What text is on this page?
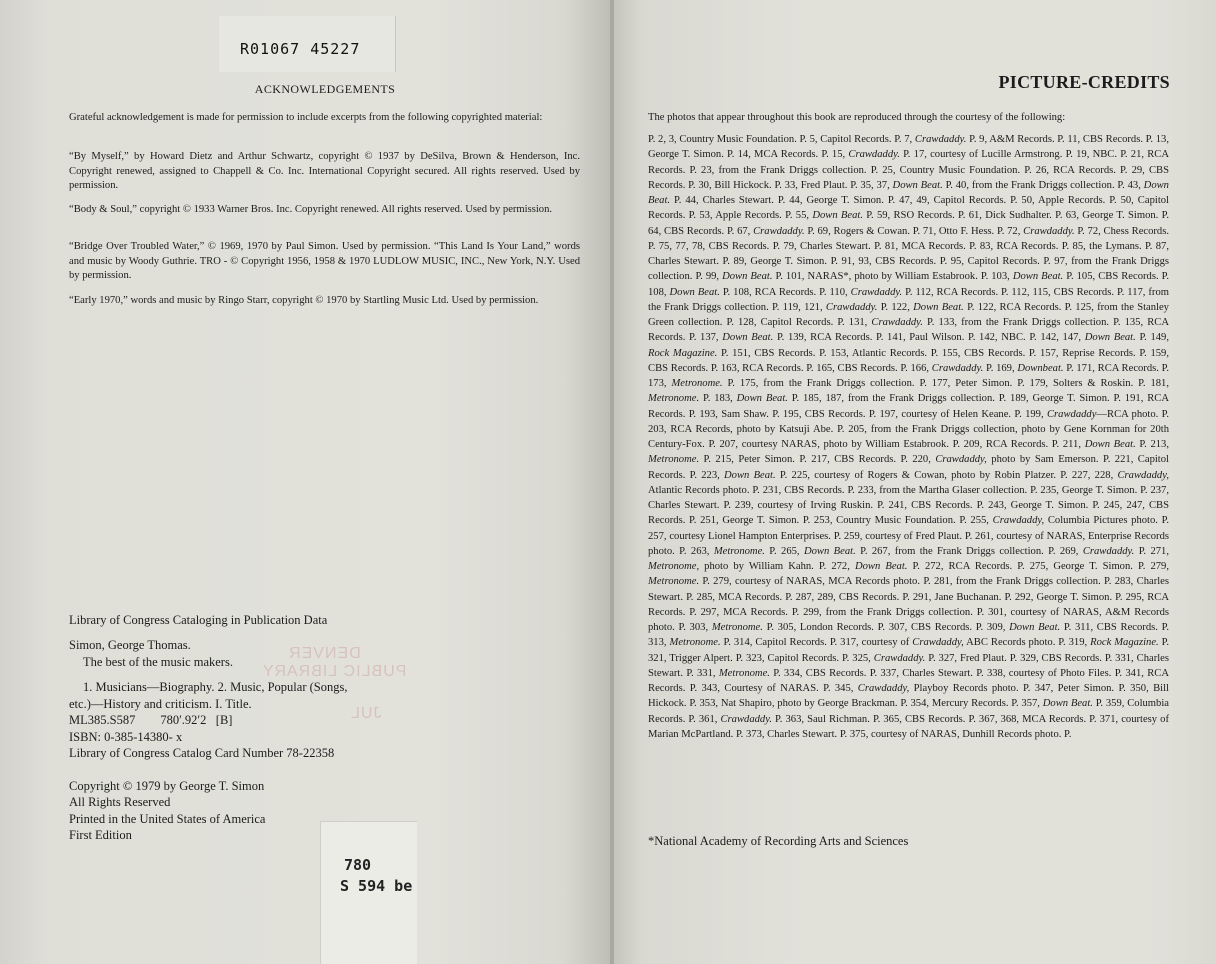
R01067 45227
ACKNOWLEDGEMENTS

Grateful acknowledgement is made for permission to include excerpts from the following copyrighted material:

“By Myself,” by Howard Dietz and Arthur Schwartz, copyright © 1937 by DeSilva, Brown & Henderson, Inc. Copyright renewed, assigned to Chappell & Co. Inc. International Copyright secured. All rights reserved. Used by permission.

“Body & Soul,” copyright © 1933 Warner Bros. Inc. Copyright renewed. All rights reserved. Used by permission.

“Bridge Over Troubled Water,” © 1969, 1970 by Paul Simon. Used by permission. “This Land Is Your Land,” words and music by Woody Guthrie. TRO - © Copyright 1956, 1958 & 1970 LUDLOW MUSIC, INC., New York, N.Y. Used by permission.

“Early 1970,” words and music by Ringo Starr, copyright © 1970 by Startling Music Ltd. Used by permission.

DENVER
PUBLIC LIBRARY
JUL
Library of Congress Cataloging in Publication Data
Simon, George Thomas.
The best of the music makers.
1. Musicians—Biography. 2. Music, Popular (Songs,
etc.)—History and criticism. I. Title.
ML385.S587        780′.92′2   [B]
ISBN: 0-385-14380- x
Library of Congress Catalog Card Number 78-22358
Copyright © 1979 by George T. Simon
All Rights Reserved
Printed in the United States of America
First Edition
780
S 594 be
PICTURE-CREDITS

The photos that appear throughout this book are reproduced through the courtesy of the following:

P. 2, 3, Country Music Foundation. P. 5, Capitol Records. P. 7, Crawdaddy. P. 9, A&M Records. P. 11, CBS Records. P. 13, George T. Simon. P. 14, MCA Records. P. 15, Crawdaddy. P. 17, courtesy of Lucille Armstrong. P. 19, NBC. P. 21, RCA Records. P. 23, from the Frank Driggs collection. P. 25, Country Music Foundation. P. 26, RCA Records. P. 29, CBS Records. P. 30, Bill Hickock. P. 33, Fred Plaut. P. 35, 37, Down Beat. P. 40, from the Frank Driggs collection. P. 43, Down Beat. P. 44, Charles Stewart. P. 44, George T. Simon. P. 47, 49, Capitol Records. P. 50, Apple Records. P. 50, Capitol Records. P. 53, Apple Records. P. 55, Down Beat. P. 59, RSO Records. P. 61, Dick Sudhalter. P. 63, George T. Simon. P. 64, CBS Records. P. 67, Crawdaddy. P. 69, Rogers & Cowan. P. 71, Otto F. Hess. P. 72, Crawdaddy. P. 72, Chess Records. P. 75, 77, 78, CBS Records. P. 79, Charles Stewart. P. 81, MCA Records. P. 83, RCA Records. P. 85, the Lymans. P. 87, Charles Stewart. P. 89, George T. Simon. P. 91, 93, CBS Records. P. 95, Capitol Records. P. 97, from the Frank Driggs collection. P. 99, Down Beat. P. 101, NARAS*, photo by William Estabrook. P. 103, Down Beat. P. 105, CBS Records. P. 108, Down Beat. P. 108, RCA Records. P. 110, Crawdaddy. P. 112, RCA Records. P. 112, 115, CBS Records. P. 117, from the Frank Driggs collection. P. 119, 121, Crawdaddy. P. 122, Down Beat. P. 122, RCA Records. P. 125, from the Stanley Green collection. P. 128, Capitol Records. P. 131, Crawdaddy. P. 133, from the Frank Driggs collection. P. 135, RCA Records. P. 137, Down Beat. P. 139, RCA Records. P. 141, Paul Wilson. P. 142, NBC. P. 142, 147, Down Beat. P. 149, Rock Magazine. P. 151, CBS Records. P. 153, Atlantic Records. P. 155, CBS Records. P. 157, Reprise Records. P. 159, CBS Records. P. 163, RCA Records. P. 165, CBS Records. P. 166, Crawdaddy. P. 169, Downbeat. P. 171, RCA Records. P. 173, Metronome. P. 175, from the Frank Driggs collection. P. 177, Peter Simon. P. 179, Solters & Roskin. P. 181, Metronome. P. 183, Down Beat. P. 185, 187, from the Frank Driggs collection. P. 189, George T. Simon. P. 191, RCA Records. P. 193, Sam Shaw. P. 195, CBS Records. P. 197, courtesy of Helen Keane. P. 199, Crawdaddy—RCA photo. P. 203, RCA Records, photo by Katsuji Abe. P. 205, from the Frank Driggs collection, photo by Gene Kornman for 20th Century-Fox. P. 207, courtesy NARAS, photo by William Estabrook. P. 209, RCA Records. P. 211, Down Beat. P. 213, Metronome. P. 215, Peter Simon. P. 217, CBS Records. P. 220, Crawdaddy, photo by Sam Emerson. P. 221, Capitol Records. P. 223, Down Beat. P. 225, courtesy of Rogers & Cowan, photo by Robin Platzer. P. 227, 228, Crawdaddy, Atlantic Records photo. P. 231, CBS Records. P. 233, from the Martha Glaser collection. P. 235, George T. Simon. P. 237, Charles Stewart. P. 239, courtesy of Irving Ruskin. P. 241, CBS Records. P. 243, George T. Simon. P. 245, 247, CBS Records. P. 251, George T. Simon. P. 253, Country Music Foundation. P. 255, Crawdaddy, Columbia Pictures photo. P. 257, courtesy Lionel Hampton Enterprises. P. 259, courtesy of Fred Plaut. P. 261, courtesy of NARAS, Enterprise Records photo. P. 263, Metronome. P. 265, Down Beat. P. 267, from the Frank Driggs collection. P. 269, Crawdaddy. P. 271, Metronome, photo by William Kahn. P. 272, Down Beat. P. 272, RCA Records. P. 275, George T. Simon. P. 279, Metronome. P. 279, courtesy of NARAS, MCA Records photo. P. 281, from the Frank Driggs collection. P. 283, Charles Stewart. P. 285, MCA Records. P. 287, 289, CBS Records. P. 291, Jane Buchanan. P. 292, George T. Simon. P. 295, RCA Records. P. 297, MCA Records. P. 299, from the Frank Driggs collection. P. 301, courtesy of NARAS, A&M Records photo. P. 303, Metronome. P. 305, London Records. P. 307, CBS Records. P. 309, Down Beat. P. 311, CBS Records. P. 313, Metronome. P. 314, Capitol Records. P. 317, courtesy of Crawdaddy, ABC Records photo. P. 319, Rock Magazine. P. 321, Trigger Alpert. P. 323, Capitol Records. P. 325, Crawdaddy. P. 327, Fred Plaut. P. 329, CBS Records. P. 331, Charles Stewart. P. 331, Metronome. P. 334, CBS Records. P. 337, Charles Stewart. P. 338, courtesy of Photo Files. P. 341, RCA Records. P. 343, Courtesy of NARAS. P. 345, Crawdaddy, Playboy Records photo. P. 347, Peter Simon. P. 350, Bill Hickock. P. 353, Nat Shapiro, photo by George Brackman. P. 354, Mercury Records. P. 357, Down Beat. P. 359, Columbia Records. P. 361, Crawdaddy. P. 363, Saul Richman. P. 365, CBS Records. P. 367, 368, MCA Records. P. 371, courtesy of Marian McPartland. P. 373, Charles Stewart. P. 375, courtesy of NARAS, Dunhill Records photo. P.

*National Academy of Recording Arts and Sciences
